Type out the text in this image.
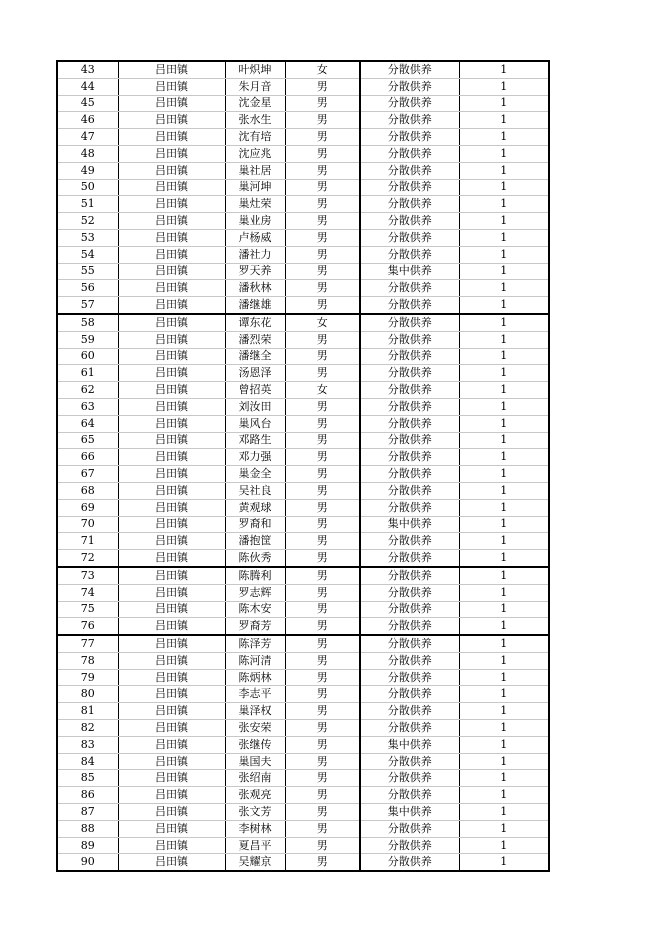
43	吕田镇	叶炽坤	女	分散供养	1
44	吕田镇	朱月音	男	分散供养	1
45	吕田镇	沈金星	男	分散供养	1
46	吕田镇	张水生	男	分散供养	1
47	吕田镇	沈有培	男	分散供养	1
48	吕田镇	沈应兆	男	分散供养	1
49	吕田镇	巢社居	男	分散供养	1
50	吕田镇	巢河坤	男	分散供养	1
51	吕田镇	巢灶荣	男	分散供养	1
52	吕田镇	巢业房	男	分散供养	1
53	吕田镇	卢杨威	男	分散供养	1
54	吕田镇	潘社力	男	分散供养	1
55	吕田镇	罗天养	男	集中供养	1
56	吕田镇	潘秋林	男	分散供养	1
57	吕田镇	潘继雄	男	分散供养	1
58	吕田镇	谭东花	女	分散供养	1
59	吕田镇	潘烈荣	男	分散供养	1
60	吕田镇	潘继全	男	分散供养	1
61	吕田镇	汤恩泽	男	分散供养	1
62	吕田镇	曾招英	女	分散供养	1
63	吕田镇	刘汝田	男	分散供养	1
64	吕田镇	巢风台	男	分散供养	1
65	吕田镇	邓路生	男	分散供养	1
66	吕田镇	邓力强	男	分散供养	1
67	吕田镇	巢金全	男	分散供养	1
68	吕田镇	吴社良	男	分散供养	1
69	吕田镇	黄观球	男	分散供养	1
70	吕田镇	罗裔和	男	集中供养	1
71	吕田镇	潘抱筐	男	分散供养	1
72	吕田镇	陈伙秀	男	分散供养	1
73	吕田镇	陈腾利	男	分散供养	1
74	吕田镇	罗志辉	男	分散供养	1
75	吕田镇	陈木安	男	分散供养	1
76	吕田镇	罗裔芳	男	分散供养	1
77	吕田镇	陈泽芳	男	分散供养	1
78	吕田镇	陈河清	男	分散供养	1
79	吕田镇	陈炳林	男	分散供养	1
80	吕田镇	李志平	男	分散供养	1
81	吕田镇	巢泽权	男	分散供养	1
82	吕田镇	张安荣	男	分散供养	1
83	吕田镇	张继传	男	集中供养	1
84	吕田镇	巢国夫	男	分散供养	1
85	吕田镇	张绍南	男	分散供养	1
86	吕田镇	张观亮	男	分散供养	1
87	吕田镇	张文芳	男	集中供养	1
88	吕田镇	李树林	男	分散供养	1
89	吕田镇	夏昌平	男	分散供养	1
90	吕田镇	吴耀京	男	分散供养	1
